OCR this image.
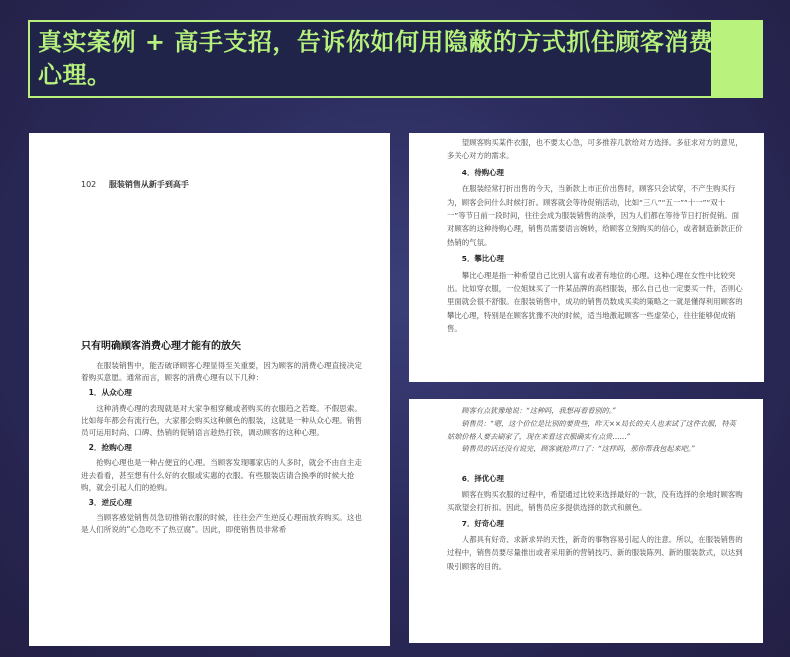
真实案例 + 高手支招，告诉你如何用隐蔽的方式抓住顾客消费心理。
102 服装销售从新手到高手
只有明确顾客消费心理才能有的放矢

在服装销售中，能否破译顾客心理显得至关重要，因为顾客的消费心理直接决定着购买意愿。通常而言，顾客的消费心理有以下几种：

1．从众心理

这种消费心理的表现就是对大家争相穿戴或者购买的衣服趋之若鹜。不假思索。比如每年都会有流行色，大家都会购买这种颜色的服装，这就是一种从众心理。销售员可运用时尚、口碑、热销的促销语言趁热打铁，调动顾客的这种心理。

2．抢购心理

抢购心理也是一种占便宜的心理。当顾客发现哪家店的人多时，就会不由自主走进去看看，甚至想有什么好的衣服或实惠的衣服。有些服装店请合换季的时候大抢购，就会引起人们的抢购。

3．逆反心理

当顾客感觉销售员急切推销衣服的时候，往往会产生逆反心理而放弃购买。这也是人们所说的“心急吃不了热豆腐”。因此，即使销售员非常希

望顾客购买某件衣服，也不要太心急，可多推荐几款给对方选择。多征求对方的意见，多关心对方的需求。

4．待购心理

在服装经常打折出售的今天，当新款上市正价出售时，顾客只会试穿，不产生购买行为，顾客会问什么时候打折。顾客就会等待促销活动，比如“三八”“五一”“十一”“双十一”等节日前一段时间，往往会成为服装销售的淡季，因为人们都在等待节日打折促销。面对顾客的这种待购心理，销售员需要语言婉转，给顾客立刻购买的信心，或者制造新款正价热销的气氛。

5．攀比心理

攀比心理是指一种希望自己比别人富有或者有地位的心理。这种心理在女性中比较突出。比如穿衣服，一位姐妹买了一件某品牌的高档服装，那么自己也一定要买一件，否则心里面就会很不舒服。在服装销售中，成功的销售员数成买卖的策略之一就是懂得利用顾客的攀比心理，特别是在顾客犹豫不决的时候，适当地激起顾客一些虚荣心，往往能够促成销售。

顾客有点犹豫地说：“这种吗，我想再看看别的。”

销售员：“嗯，这个价位是比别的要贵些，昨天××局长的夫人也来试了这件衣服，特英姑娘价格人要去刷家了，现在来看这衣服确实有点贵……”

销售员的话还没有说完，顾客就抢声口了：“这样吗，那你帮我包起来吧。”

6．择优心理

顾客在购买衣服的过程中，希望通过比较来选择最好的一款，没有选择的余地时顾客购买欲望会打折扣。因此，销售员应多提供选择的款式和颜色。

7．好奇心理

人都具有好奇、求新求异的天性，新奇的事物容易引起人的注意。所以，在服装销售的过程中，销售员要尽量推出或者采用新的营销技巧、新的服装陈列、新的服装款式，以达到吸引顾客的目的。
